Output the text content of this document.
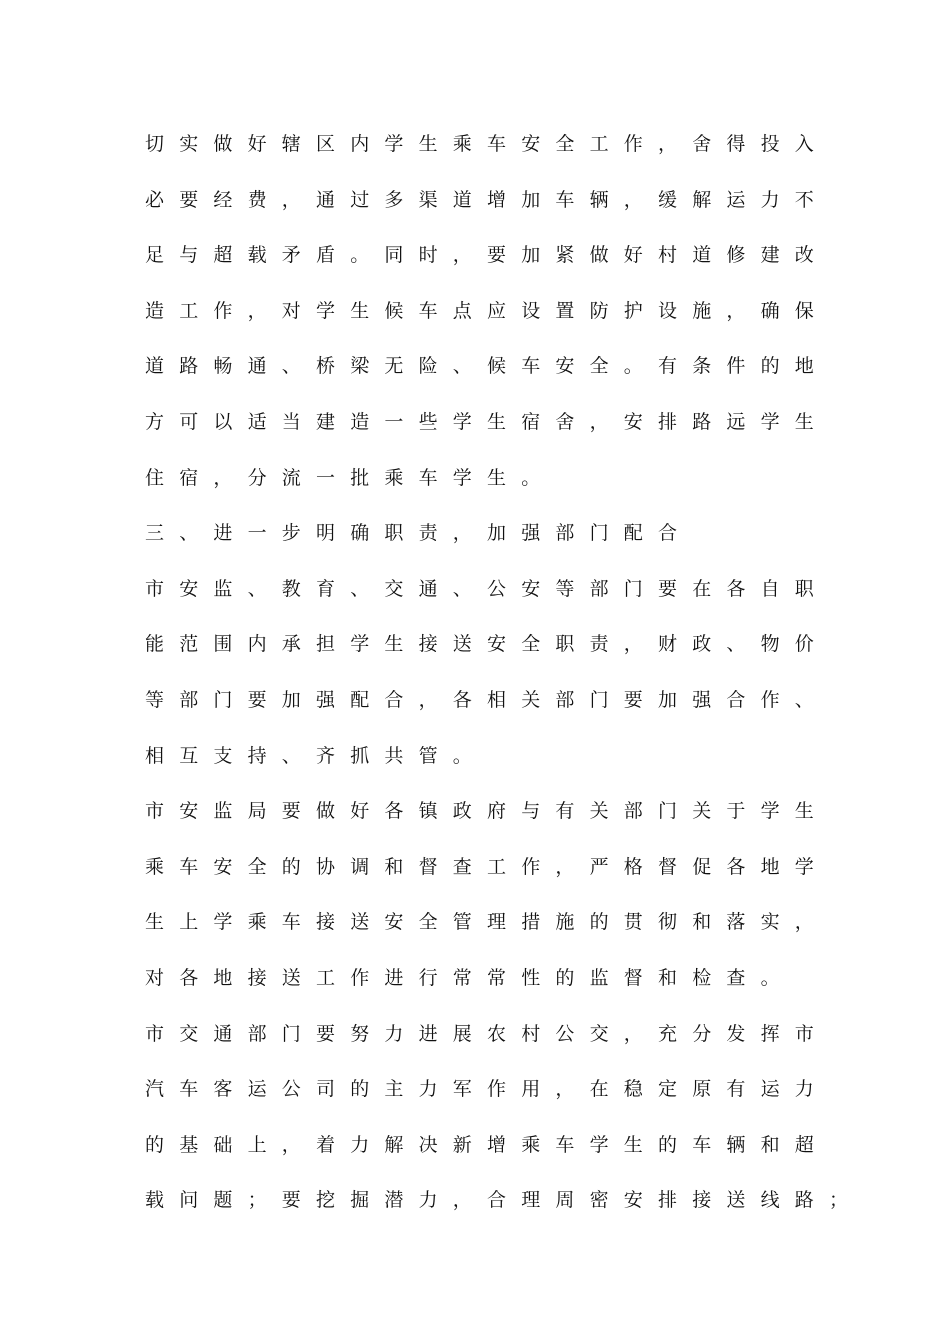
切实做好辖区内学生乘车安全工作，舍得投入
必要经费，通过多渠道增加车辆，缓解运力不
足与超载矛盾。同时，要加紧做好村道修建改
造工作，对学生候车点应设置防护设施，确保
道路畅通、桥梁无险、候车安全。有条件的地
方可以适当建造一些学生宿舍，安排路远学生
住宿，分流一批乘车学生。
三、进一步明确职责，加强部门配合
市安监、教育、交通、公安等部门要在各自职
能范围内承担学生接送安全职责，财政、物价
等部门要加强配合，各相关部门要加强合作、
相互支持、齐抓共管。
市安监局要做好各镇政府与有关部门关于学生
乘车安全的协调和督查工作，严格督促各地学
生上学乘车接送安全管理措施的贯彻和落实，
对各地接送工作进行常常性的监督和检查。
市交通部门要努力进展农村公交，充分发挥市
汽车客运公司的主力军作用，在稳定原有运力
的基础上，着力解决新增乘车学生的车辆和超
载问题；要挖掘潜力，合理周密安排接送线路；
